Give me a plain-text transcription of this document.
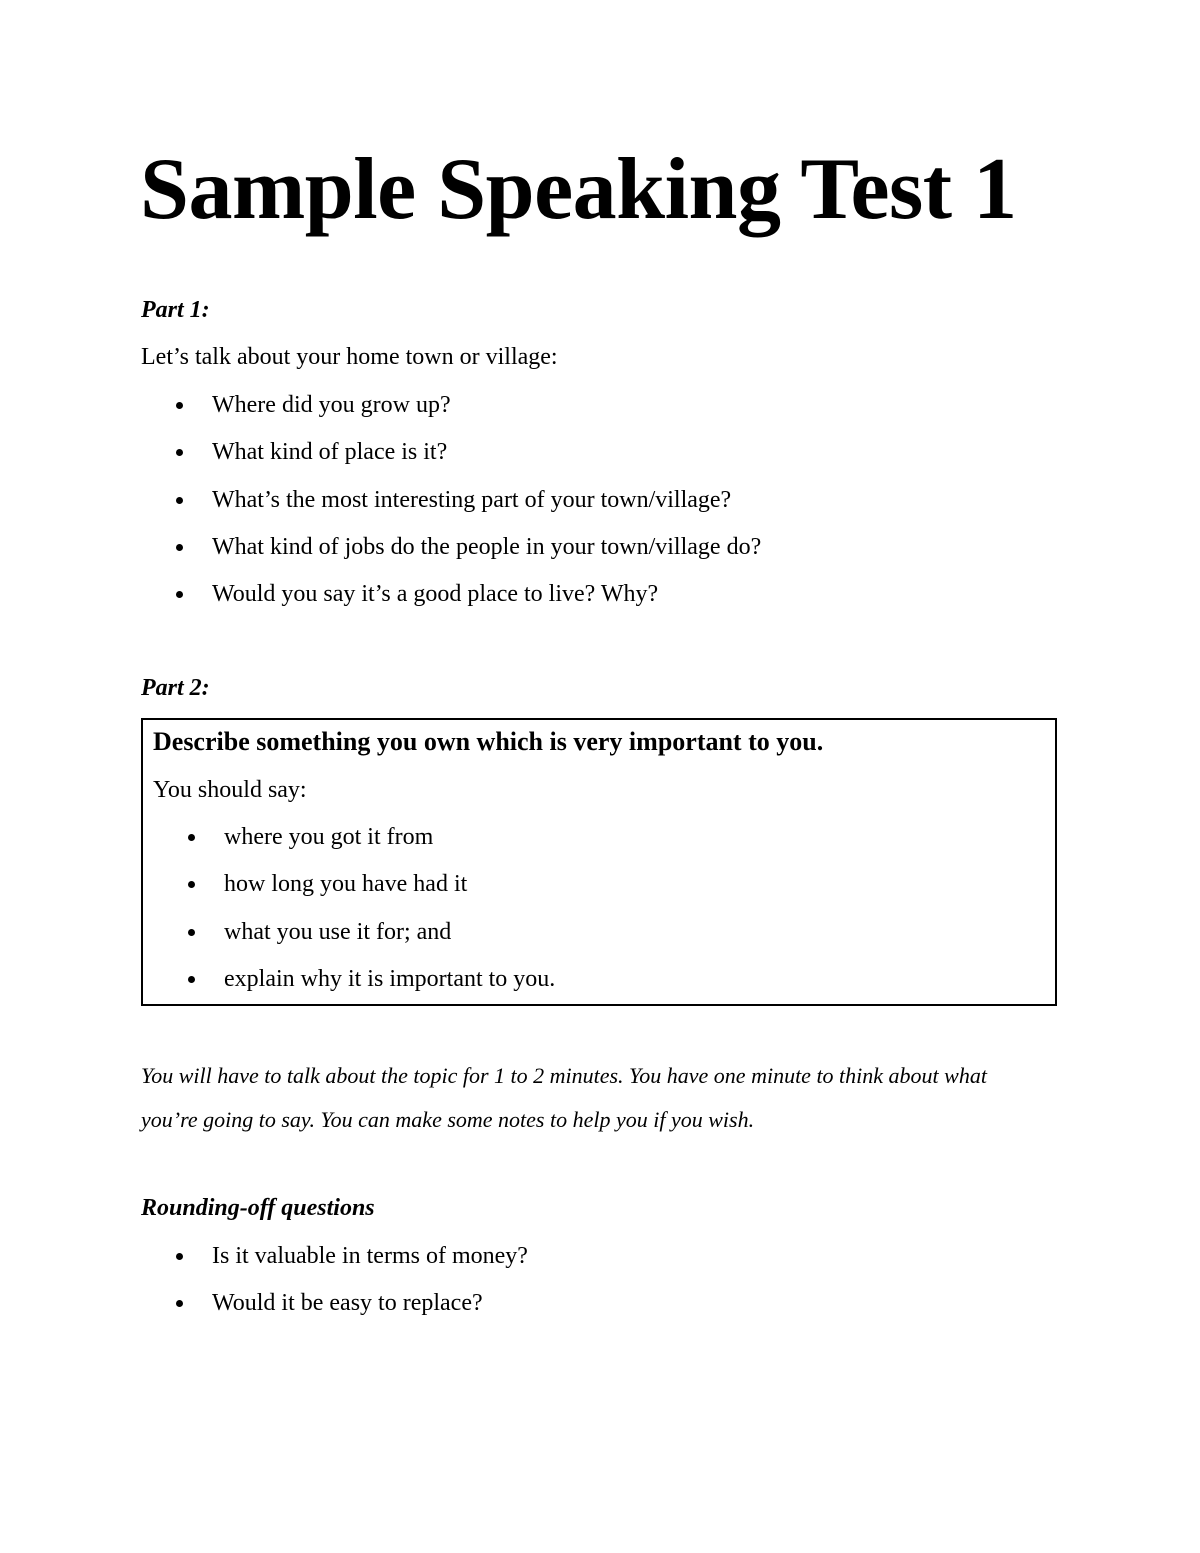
Sample Speaking Test 1

Part 1:

Let’s talk about your home town or village:

Where did you grow up?
What kind of place is it?
What’s the most interesting part of your town/village?
What kind of jobs do the people in your town/village do?
Would you say it’s a good place to live? Why?

Part 2:

Describe something you own which is very important to you.

You should say:

where you got it from
how long you have had it
what you use it for; and
explain why it is important to you.

You will have to talk about the topic for 1 to 2 minutes. You have one minute to think about what you’re going to say. You can make some notes to help you if you wish.

Rounding-off questions

Is it valuable in terms of money?
Would it be easy to replace?
